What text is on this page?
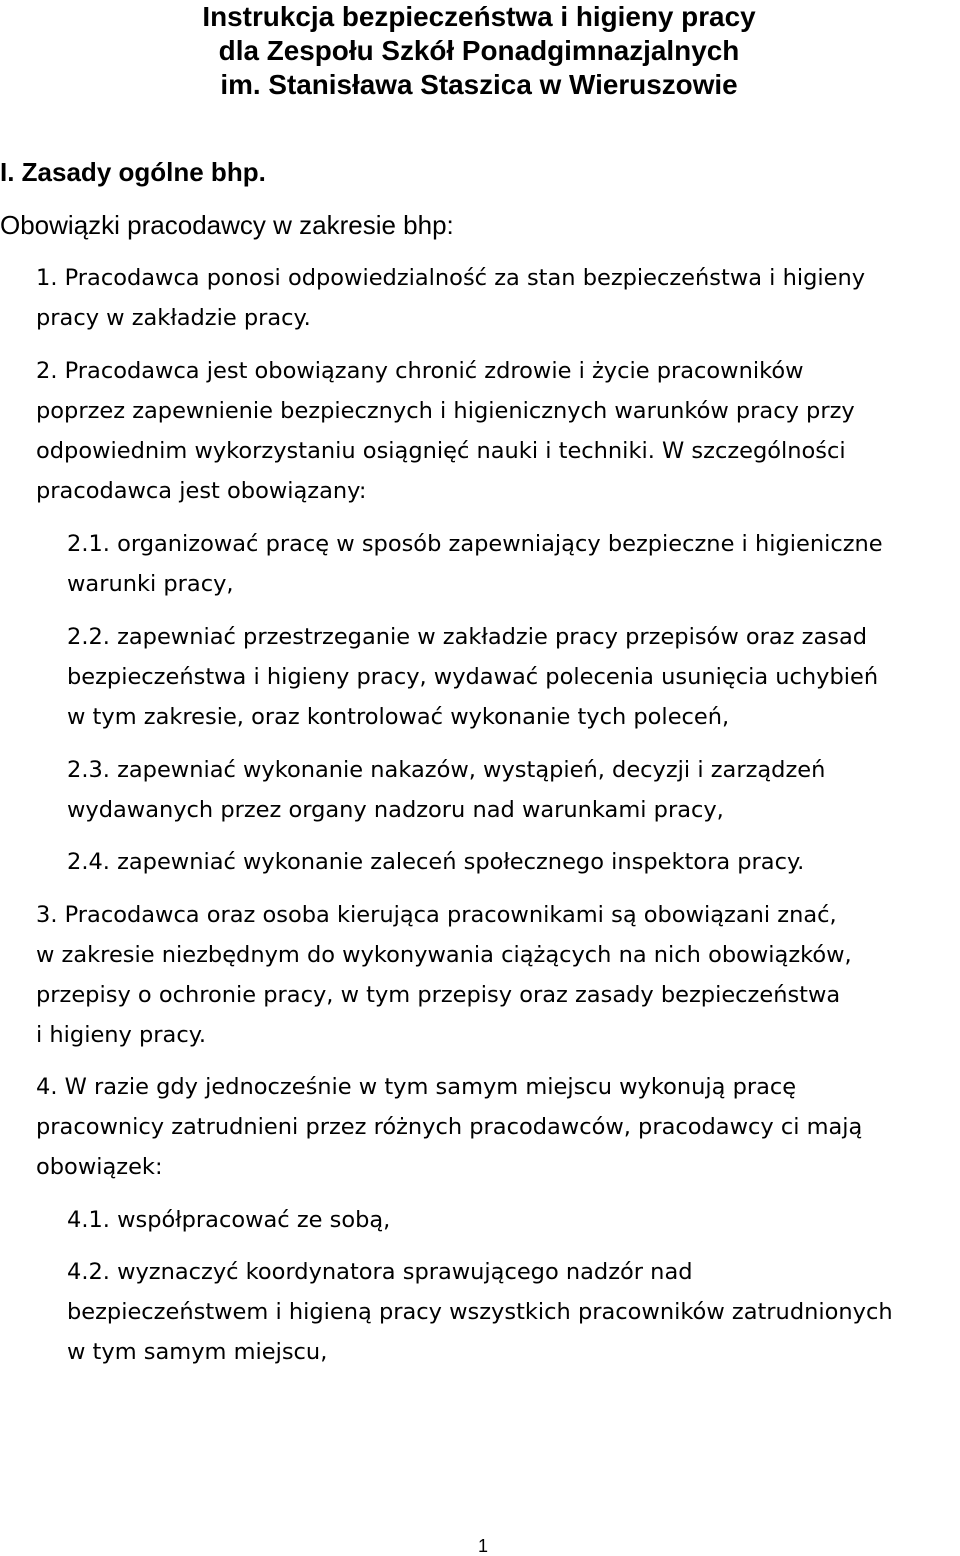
Instrukcja bezpieczeństwa i higieny pracy
dla Zespołu Szkół Ponadgimnazjalnych
im. Stanisława Staszica w Wieruszowie
I. Zasady ogólne bhp.
Obowiązki pracodawcy w zakresie bhp:
1. Pracodawca ponosi odpowiedzialność za stan bezpieczeństwa i higieny
pracy w zakładzie pracy.
2. Pracodawca jest obowiązany chronić zdrowie i życie pracowników
poprzez zapewnienie bezpiecznych i higienicznych warunków pracy przy
odpowiednim wykorzystaniu osiągnięć nauki i techniki. W szczególności
pracodawca jest obowiązany:
2.1. organizować pracę w sposób zapewniający bezpieczne i higieniczne
warunki pracy,
2.2. zapewniać przestrzeganie w zakładzie pracy przepisów oraz zasad
bezpieczeństwa i higieny pracy, wydawać polecenia usunięcia uchybień
w tym zakresie, oraz kontrolować wykonanie tych poleceń,
2.3. zapewniać wykonanie nakazów, wystąpień, decyzji i zarządzeń
wydawanych przez organy nadzoru nad warunkami pracy,
2.4. zapewniać wykonanie zaleceń społecznego inspektora pracy.
3. Pracodawca oraz osoba kierująca pracownikami są obowiązani znać,
w zakresie niezbędnym do wykonywania ciążących na nich obowiązków,
przepisy o ochronie pracy, w tym przepisy oraz zasady bezpieczeństwa
i higieny pracy.
4. W razie gdy jednocześnie w tym samym miejscu wykonują pracę
pracownicy zatrudnieni przez różnych pracodawców, pracodawcy ci mają
obowiązek:
4.1. współpracować ze sobą,
4.2. wyznaczyć koordynatora sprawującego nadzór nad
bezpieczeństwem i higieną pracy wszystkich pracowników zatrudnionych
w tym samym miejscu,
1
